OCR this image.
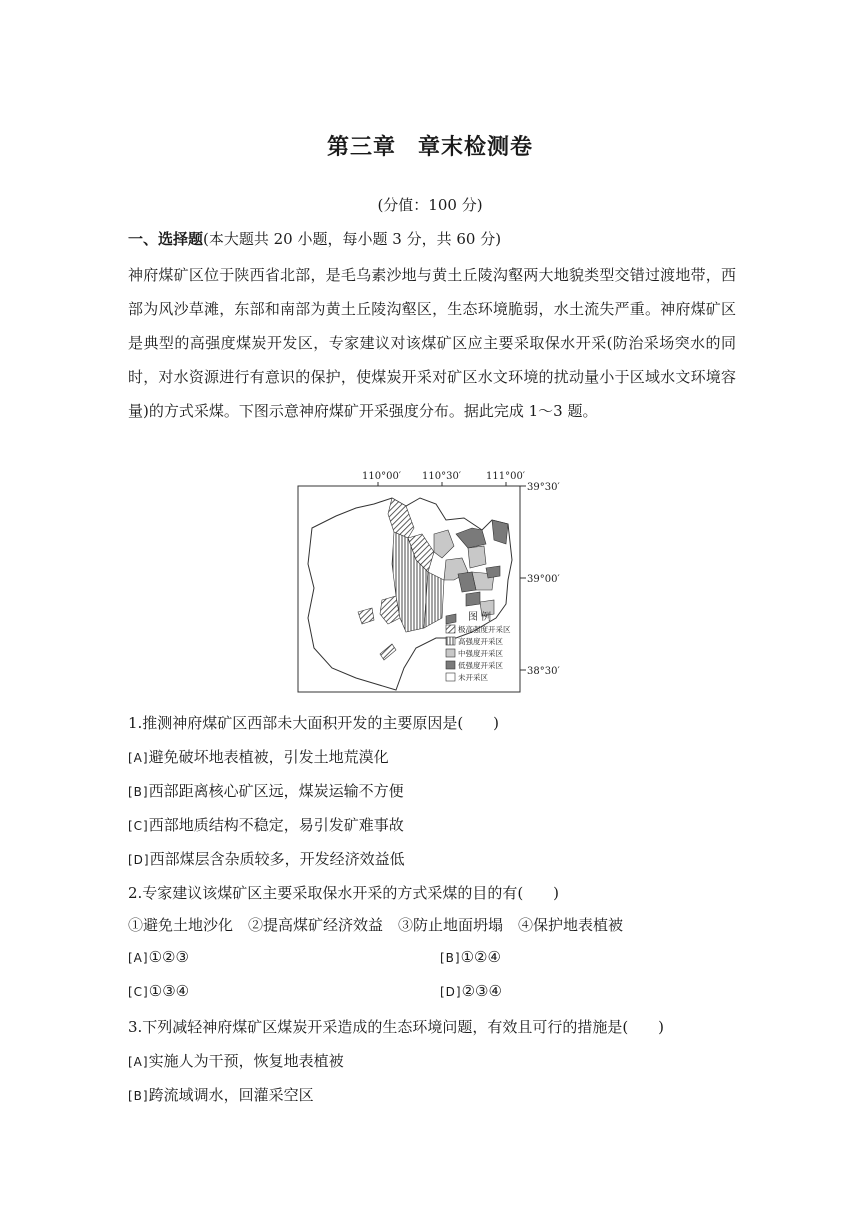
第三章 章末检测卷
(分值：100 分)
一、选择题(本大题共 20 小题，每小题 3 分，共 60 分)
神府煤矿区位于陕西省北部，是毛乌素沙地与黄土丘陵沟壑两大地貌类型交错过渡地带，西部为风沙草滩，东部和南部为黄土丘陵沟壑区，生态环境脆弱，水土流失严重。神府煤矿区是典型的高强度煤炭开发区，专家建议对该煤矿区应主要采取保水开采(防治采场突水的同时，对水资源进行有意识的保护，使煤炭开采对矿区水文环境的扰动量小于区域水文环境容量)的方式采煤。下图示意神府煤矿开采强度分布。据此完成 1～3 题。
110°00′ 110°30′ 111°00′
39°30′
39°00′
38°30′
图 例
极高强度开采区
高强度开采区
中强度开采区
低强度开采区
未开采区
1.推测神府煤矿区西部未大面积开发的主要原因是( )
[A]避免破坏地表植被，引发土地荒漠化
[B]西部距离核心矿区远，煤炭运输不方便
[C]西部地质结构不稳定，易引发矿难事故
[D]西部煤层含杂质较多，开发经济效益低
2.专家建议该煤矿区主要采取保水开采的方式采煤的目的有( )
①避免土地沙化　②提高煤矿经济效益　③防止地面坍塌　④保护地表植被
[A]①②③	[B]①②④
[C]①③④	[D]②③④
3.下列减轻神府煤矿区煤炭开采造成的生态环境问题，有效且可行的措施是( )
[A]实施人为干预，恢复地表植被
[B]跨流域调水，回灌采空区
